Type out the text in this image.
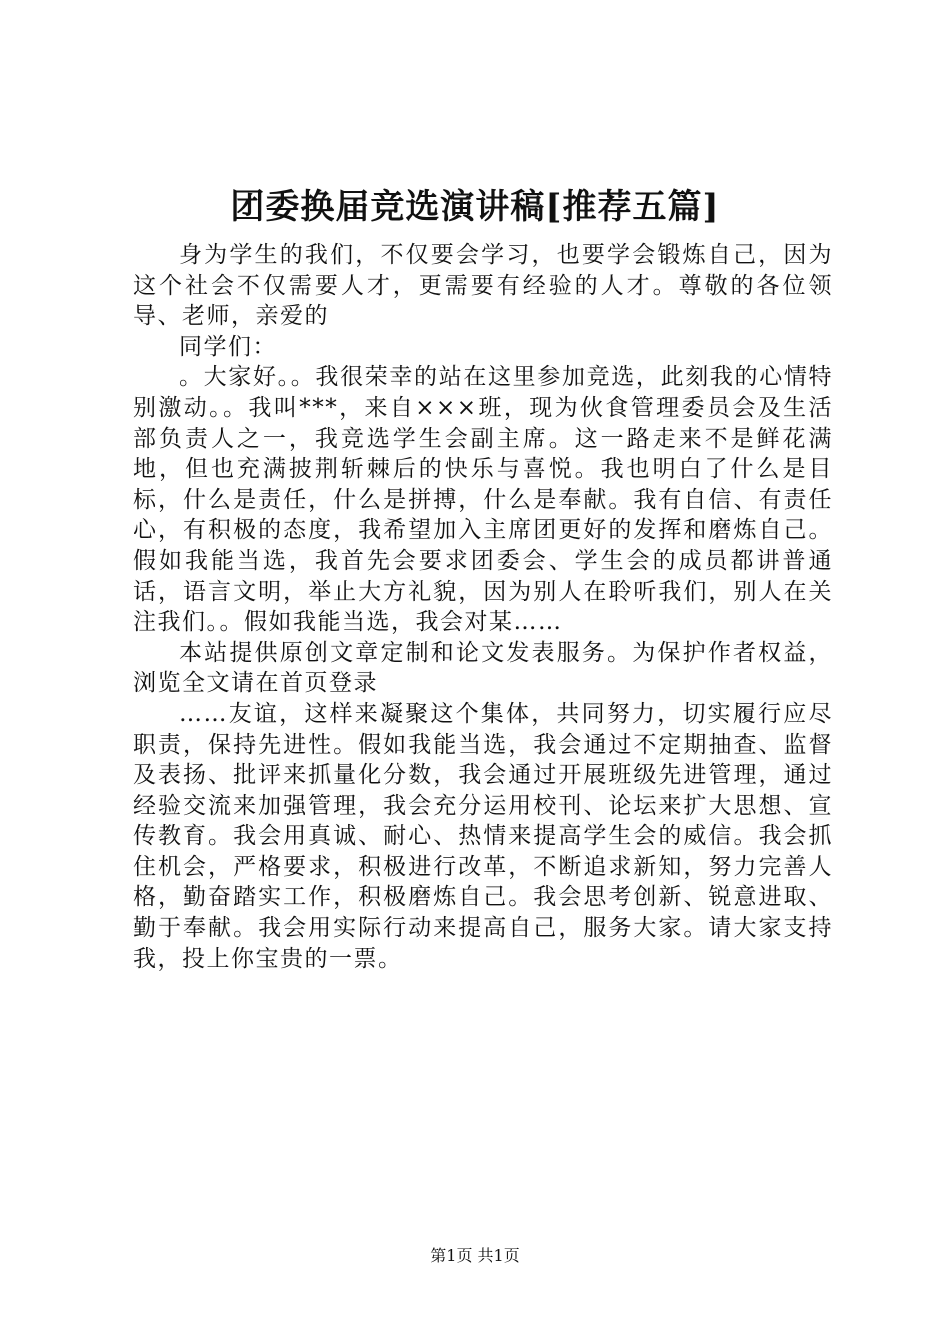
团委换届竞选演讲稿[推荐五篇]

身为学生的我们，不仅要会学习，也要学会锻炼自己，因为这个社会不仅需要人才，更需要有经验的人才。尊敬的各位领导、老师，亲爱的

同学们：

。大家好。。我很荣幸的站在这里参加竞选，此刻我的心情特别激动。。我叫***，来自×××班，现为伙食管理委员会及生活部负责人之一，我竞选学生会副主席。这一路走来不是鲜花满地，但也充满披荆斩棘后的快乐与喜悦。我也明白了什么是目标，什么是责任，什么是拼搏，什么是奉献。我有自信、有责任心，有积极的态度，我希望加入主席团更好的发挥和磨炼自己。假如我能当选，我首先会要求团委会、学生会的成员都讲普通话，语言文明，举止大方礼貌，因为别人在聆听我们，别人在关注我们。。假如我能当选，我会对某……

本站提供原创文章定制和论文发表服务。为保护作者权益，浏览全文请在首页登录

……友谊，这样来凝聚这个集体，共同努力，切实履行应尽职责，保持先进性。假如我能当选，我会通过不定期抽查、监督及表扬、批评来抓量化分数，我会通过开展班级先进管理，通过经验交流来加强管理，我会充分运用校刊、论坛来扩大思想、宣传教育。我会用真诚、耐心、热情来提高学生会的威信。我会抓住机会，严格要求，积极进行改革，不断追求新知，努力完善人格，勤奋踏实工作，积极磨炼自己。我会思考创新、锐意进取、勤于奉献。我会用实际行动来提高自己，服务大家。请大家支持我，投上你宝贵的一票。

第1页 共1页
